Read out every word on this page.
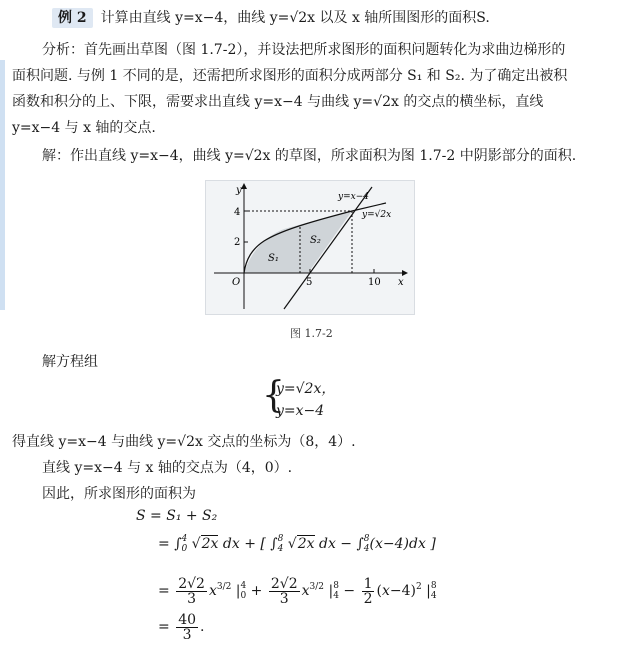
例 2 计算由直线 y=x−4，曲线 y=√2x 以及 x 轴所围图形的面积S.
分析：首先画出草图（图 1.7-2），并设法把所求图形的面积问题转化为求曲边梯形的
面积问题. 与例 1 不同的是，还需把所求图形的面积分成两部分 S₁ 和 S₂. 为了确定出被积
函数和积分的上、下限，需要求出直线 y=x−4 与曲线 y=√2x 的交点的横坐标，直线
y=x−4 与 x 轴的交点.
解：作出直线 y=x−4，曲线 y=√2x 的草图，所求面积为图 1.7-2 中阴影部分的面积.
y
x
O	5	10
2
4
y=x−4
y=√2x
S₁
S₂
图 1.7-2
解方程组
{
y=√2x，
y=x−4
得直线 y=x−4 与曲线 y=√2x 交点的坐标为（8，4）.
直线 y=x−4 与 x 轴的交点为（4，0）.
因此，所求图形的面积为
S = S₁ + S₂
= ∫ 4
0 √2x dx + [ ∫ 8
4 √2x dx − ∫ 8
4 (x−4)dx ]
= $\frac{2√2}{3} x^{3/2}$ | 4
$0 + \frac{2√2}{3} x^{3/2}$ | 8
$4 - \frac{1}{2} (x-4)^2$ | 8
4
= $\frac{40}{3}$ .
